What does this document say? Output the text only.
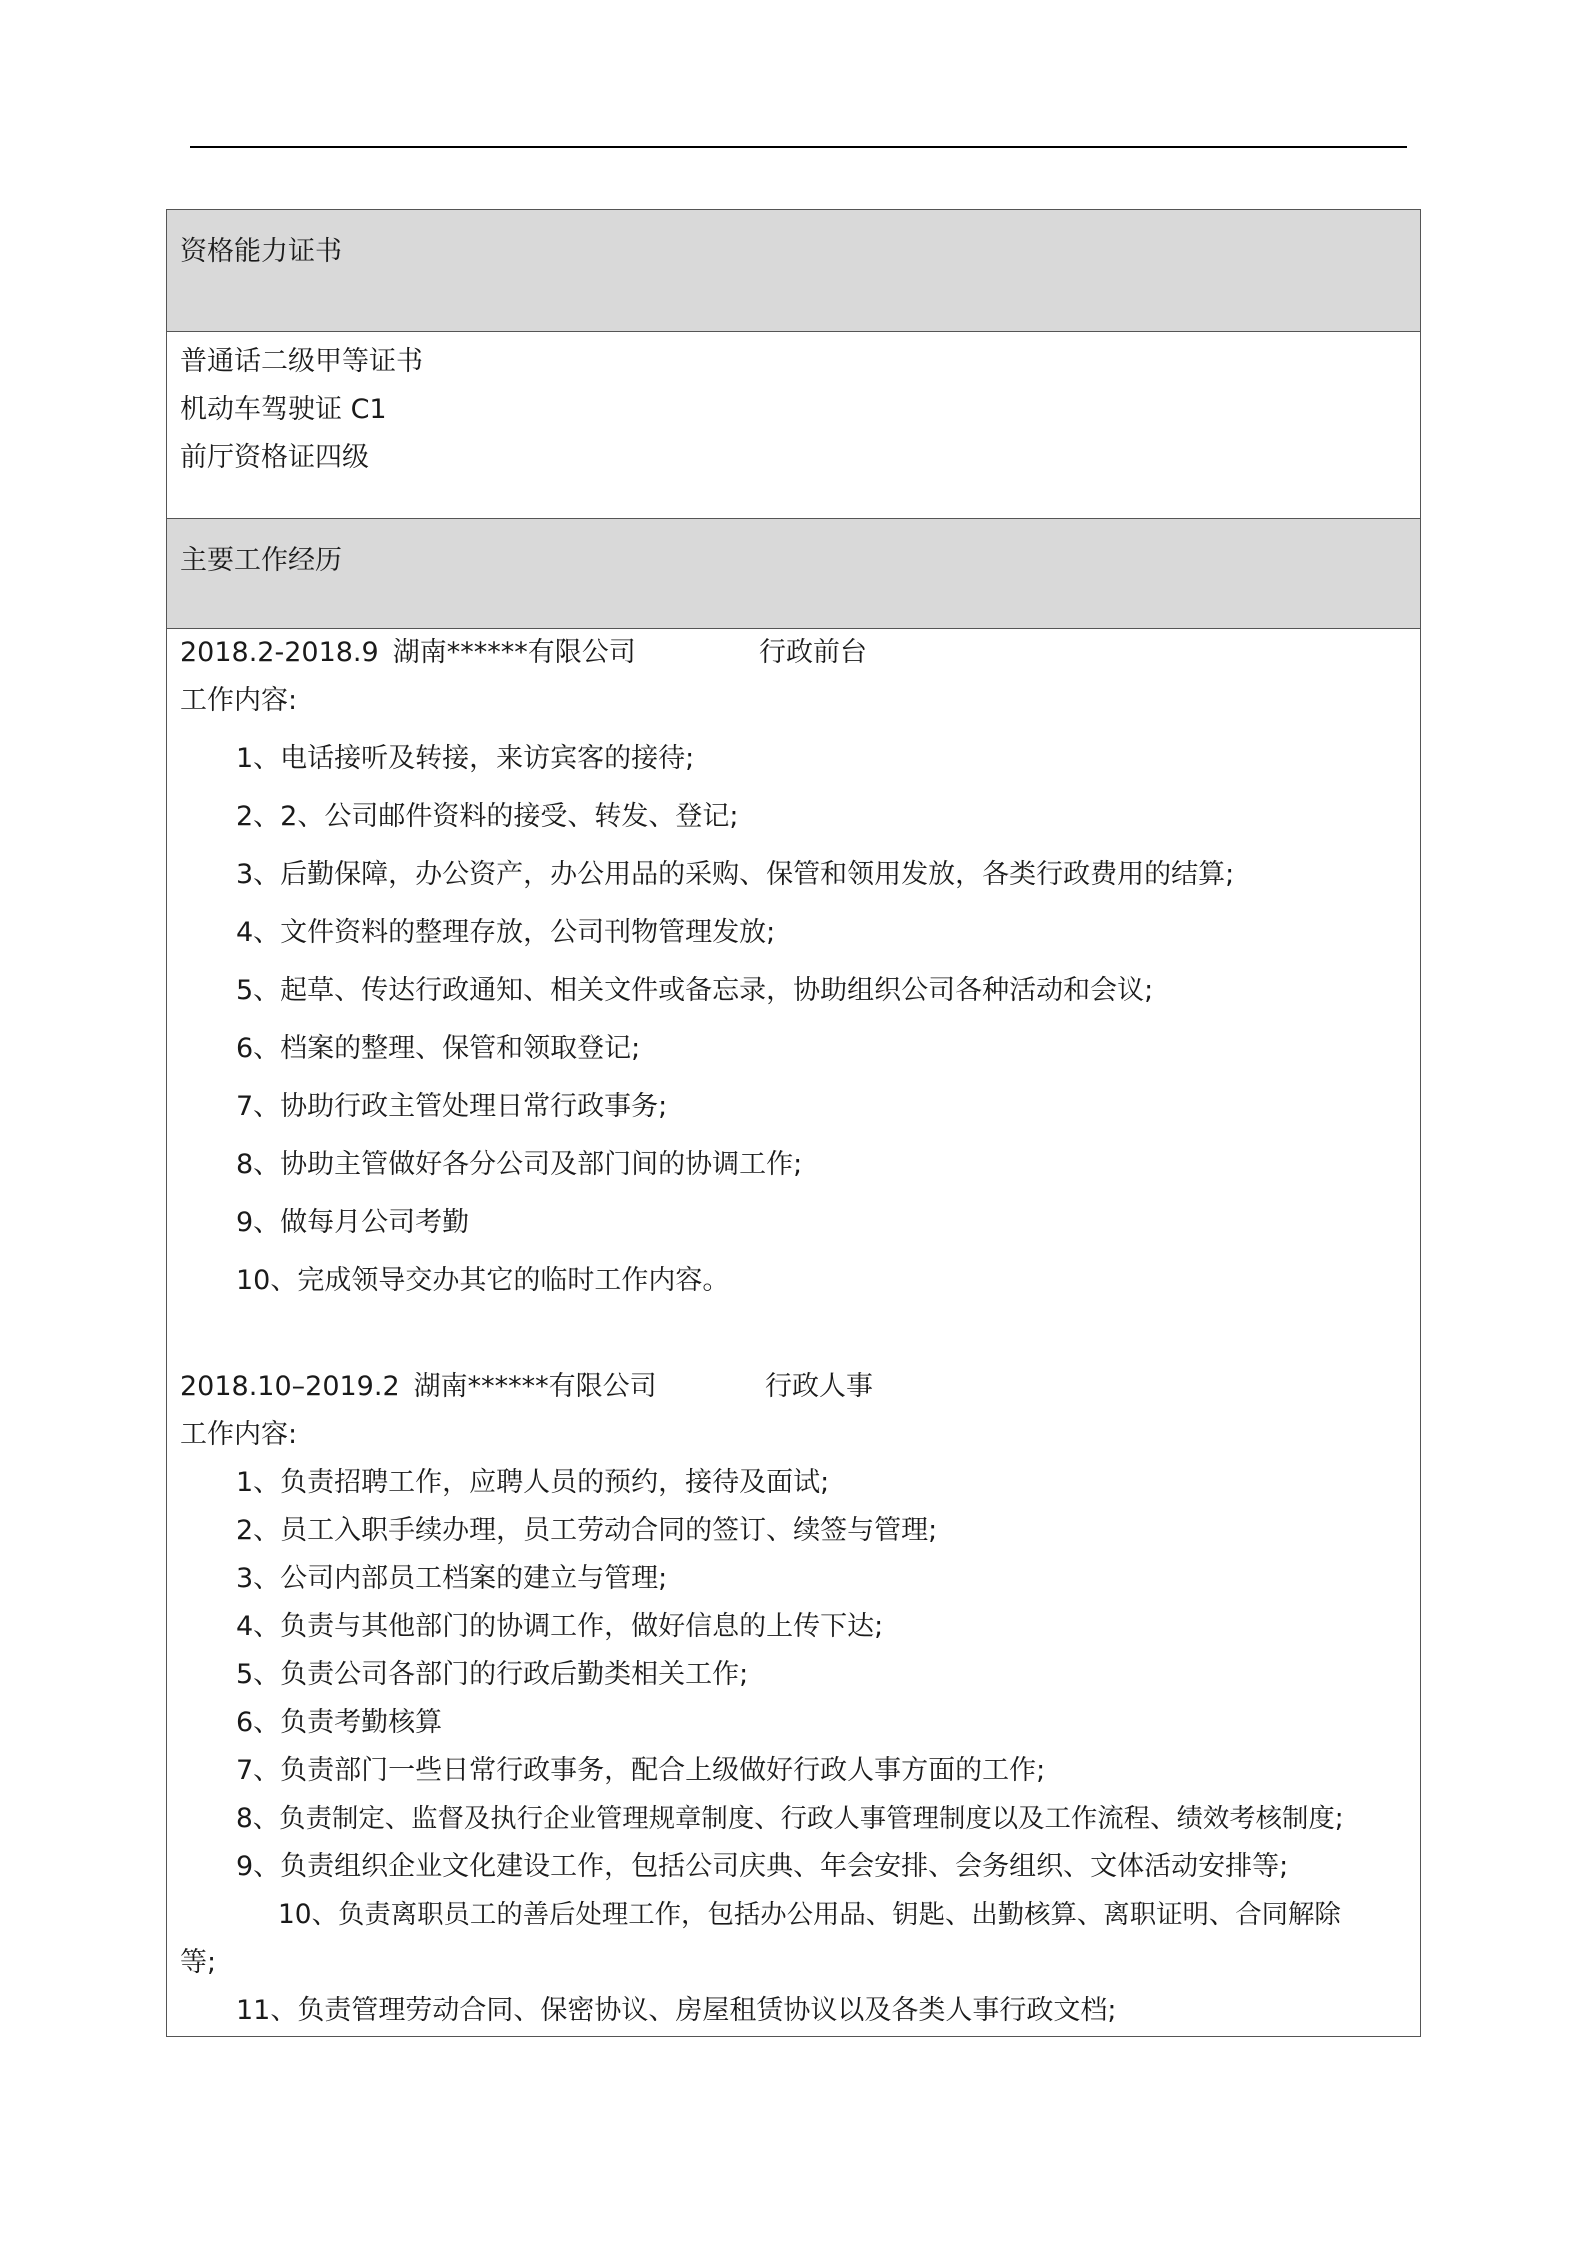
资格能力证书
普通话二级甲等证书
机动车驾驶证 C1
前厅资格证四级
主要工作经历
2018.2-2018.9 湖南******有限公司	行政前台
工作内容:
1、电话接听及转接，来访宾客的接待;
2、2、公司邮件资料的接受、转发、登记;
3、后勤保障，办公资产，办公用品的采购、保管和领用发放，各类行政费用的结算;
4、文件资料的整理存放，公司刊物管理发放;
5、起草、传达行政通知、相关文件或备忘录，协助组织公司各种活动和会议;
6、档案的整理、保管和领取登记;
7、协助行政主管处理日常行政事务;
8、协助主管做好各分公司及部门间的协调工作;
9、做每月公司考勤
10、完成领导交办其它的临时工作内容。
2018.10–2019.2 湖南******有限公司	行政人事
工作内容:
1、负责招聘工作，应聘人员的预约，接待及面试;
2、员工入职手续办理，员工劳动合同的签订、续签与管理;
3、公司内部员工档案的建立与管理;
4、负责与其他部门的协调工作，做好信息的上传下达;
5、负责公司各部门的行政后勤类相关工作;
6、负责考勤核算
7、负责部门一些日常行政事务，配合上级做好行政人事方面的工作;
8、负责制定、监督及执行企业管理规章制度、行政人事管理制度以及工作流程、绩效考核制度;
9、负责组织企业文化建设工作，包括公司庆典、年会安排、会务组织、文体活动安排等;
10、负责离职员工的善后处理工作，包括办公用品、钥匙、出勤核算、离职证明、合同解除
等;
11、负责管理劳动合同、保密协议、房屋租赁协议以及各类人事行政文档;
